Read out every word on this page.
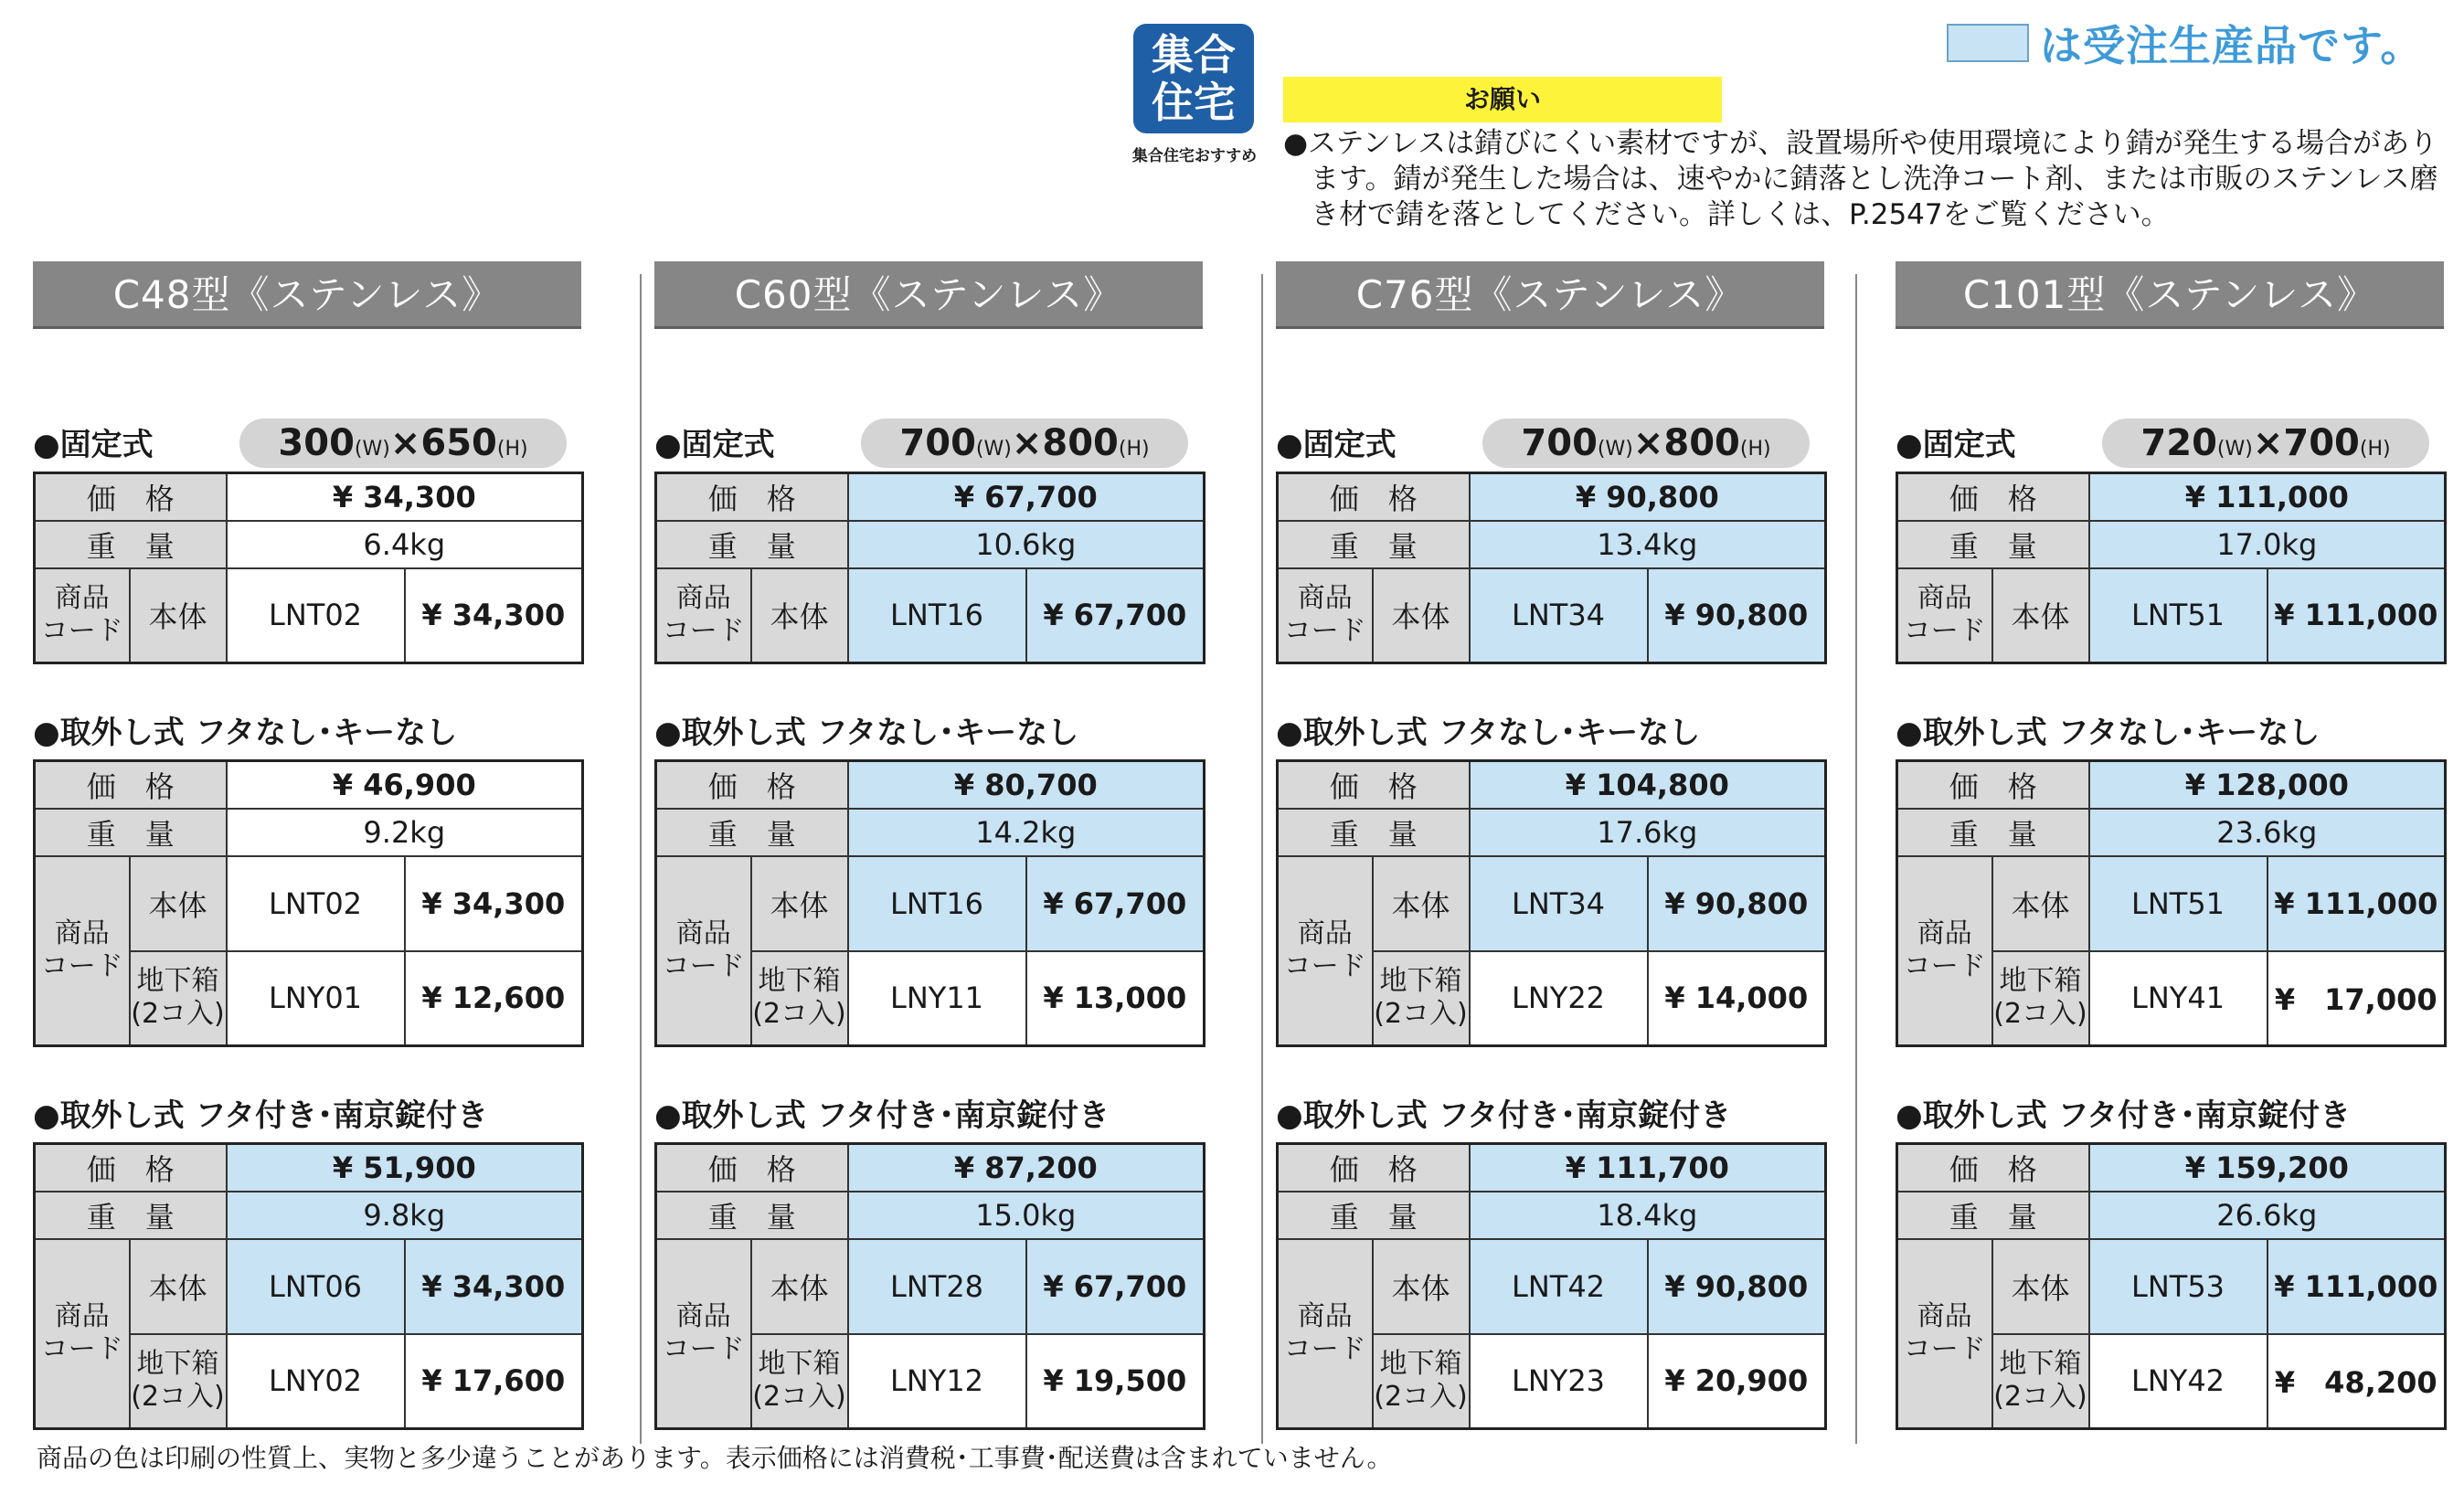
は受注生産品です。
集合
住宅
集合住宅おすすめ
お願い
●ステンレスは錆びにくい素材ですが、設置場所や使用環境により錆が発生する場合があります。錆が発生した場合は、速やかに錆落とし洗浄コート剤、または市販のステンレス磨き材で錆を落としてください。詳しくは、P.2547をご覧ください。
C48型《ステンレス》
●固定式	300(W)×650(H)
価　格		¥ 34,300	
重　量		6.4kg	
商品
コード	本体	LNT02	¥ 34,300
●取外し式 フタなし･キーなし
価　格		¥ 46,900	
重　量		9.2kg	
商品
コード	本体	LNT02	¥ 34,300
	地下箱
(2コ入)	LNY01	¥ 12,600
●取外し式 フタ付き･南京錠付き
価　格		¥ 51,900	
重　量		9.8kg	
商品
コード	本体	LNT06	¥ 34,300
	地下箱
(2コ入)	LNY02	¥ 17,600
C60型《ステンレス》
●固定式	700(W)×800(H)
価　格		¥ 67,700	
重　量		10.6kg	
商品
コード	本体	LNT16	¥ 67,700
●取外し式 フタなし･キーなし
価　格		¥ 80,700	
重　量		14.2kg	
商品
コード	本体	LNT16	¥ 67,700
	地下箱
(2コ入)	LNY11	¥ 13,000
●取外し式 フタ付き･南京錠付き
価　格		¥ 87,200	
重　量		15.0kg	
商品
コード	本体	LNT28	¥ 67,700
	地下箱
(2コ入)	LNY12	¥ 19,500
C76型《ステンレス》
●固定式	700(W)×800(H)
価　格		¥ 90,800	
重　量		13.4kg	
商品
コード	本体	LNT34	¥ 90,800
●取外し式 フタなし･キーなし
価　格		¥ 104,800	
重　量		17.6kg	
商品
コード	本体	LNT34	¥ 90,800
	地下箱
(2コ入)	LNY22	¥ 14,000
●取外し式 フタ付き･南京錠付き
価　格		¥ 111,700	
重　量		18.4kg	
商品
コード	本体	LNT42	¥ 90,800
	地下箱
(2コ入)	LNY23	¥ 20,900
C101型《ステンレス》
●固定式	720(W)×700(H)
価　格		¥ 111,000	
重　量		17.0kg	
商品
コード	本体	LNT51	¥ 111,000
●取外し式 フタなし･キーなし
価　格		¥ 128,000	
重　量		23.6kg	
商品
コード	本体	LNT51	¥ 111,000
	地下箱
(2コ入)	LNY41	¥　17,000
●取外し式 フタ付き･南京錠付き
価　格		¥ 159,200	
重　量		26.6kg	
商品
コード	本体	LNT53	¥ 111,000
	地下箱
(2コ入)	LNY42	¥　48,200
商品の色は印刷の性質上、実物と多少違うことがあります。表示価格には消費税･工事費･配送費は含まれていません。
